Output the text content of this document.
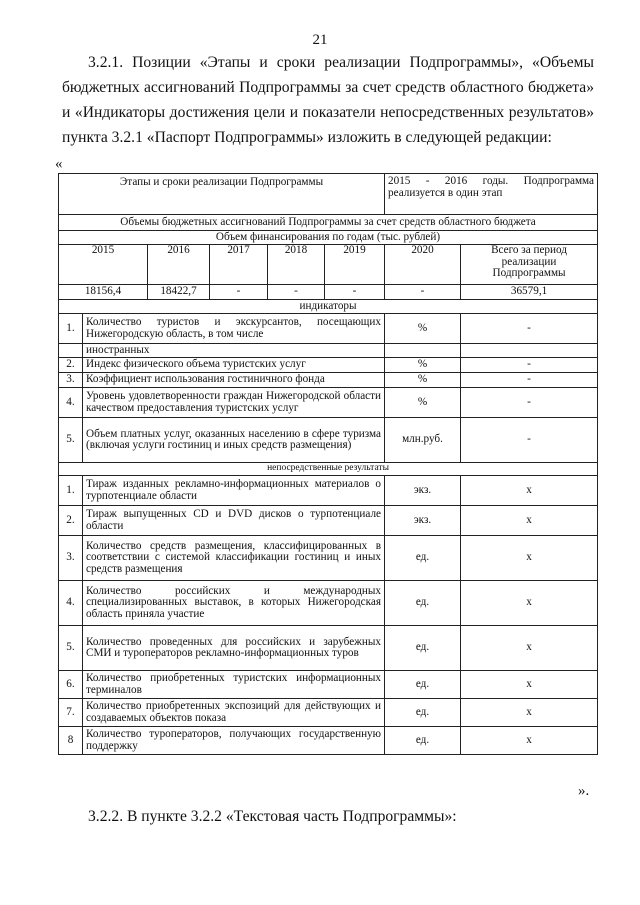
21

3.2.1. Позиции «Этапы и сроки реализации Подпрограммы», «Объемы бюджетных ассигнований Подпрограммы за счет средств областного бюджета» и «Индикаторы достижения цели и показатели непосредственных результатов» пункта 3.2.1 «Паспорт Подпрограммы» изложить в следующей редакции:

«
Этапы и сроки реализации Подпрограммы						2015 - 2016 годы. Подпрограмма реализуется в один этап	
Объемы бюджетных ассигнований Подпрограммы за счет средств областного бюджета							
Объем финансирования по годам (тыс. рублей)							
2015		2016	2017	2018	2019	2020	Всего за период реализации Подпрограммы
18156,4		18422,7	-	-	-	-	36579,1
индикаторы							
1.	Количество туристов и экскурсантов, посещающих Нижегородскую область, в том числе					%	-
	иностранных						
2.	Индекс физического объема туристских услуг					%	-
3.	Коэффициент использования гостиничного фонда					%	-
4.	Уровень удовлетворенности граждан Нижегородской области качеством предоставления туристских услуг					%	-
5.	Объем платных услуг, оказанных населению в сфере туризма (включая услуги гостиниц и иных средств размещения)					млн.руб.	-
непосредственные результаты							
1.	Тираж изданных рекламно-информационных материалов о турпотенциале области					экз.	х
2.	Тираж выпущенных CD и DVD дисков о турпотенциале области					экз.	х
3.	Количество средств размещения, классифицированных в соответствии с системой классификации гостиниц и иных средств размещения					ед.	х
4.	Количество российских и международных специализированных выставок, в которых Нижегородская область приняла участие					ед.	х
5.	Количество проведенных для российских и зарубежных СМИ и туроператоров рекламно-информационных туров					ед.	х
6.	Количество приобретенных туристских информационных терминалов					ед.	х
7.	Количество приобретенных экспозиций для действующих и создаваемых объектов показа					ед.	х
8	Количество туроператоров, получающих государственную поддержку					ед.	х
».

3.2.2. В пункте 3.2.2 «Текстовая часть Подпрограммы»:
